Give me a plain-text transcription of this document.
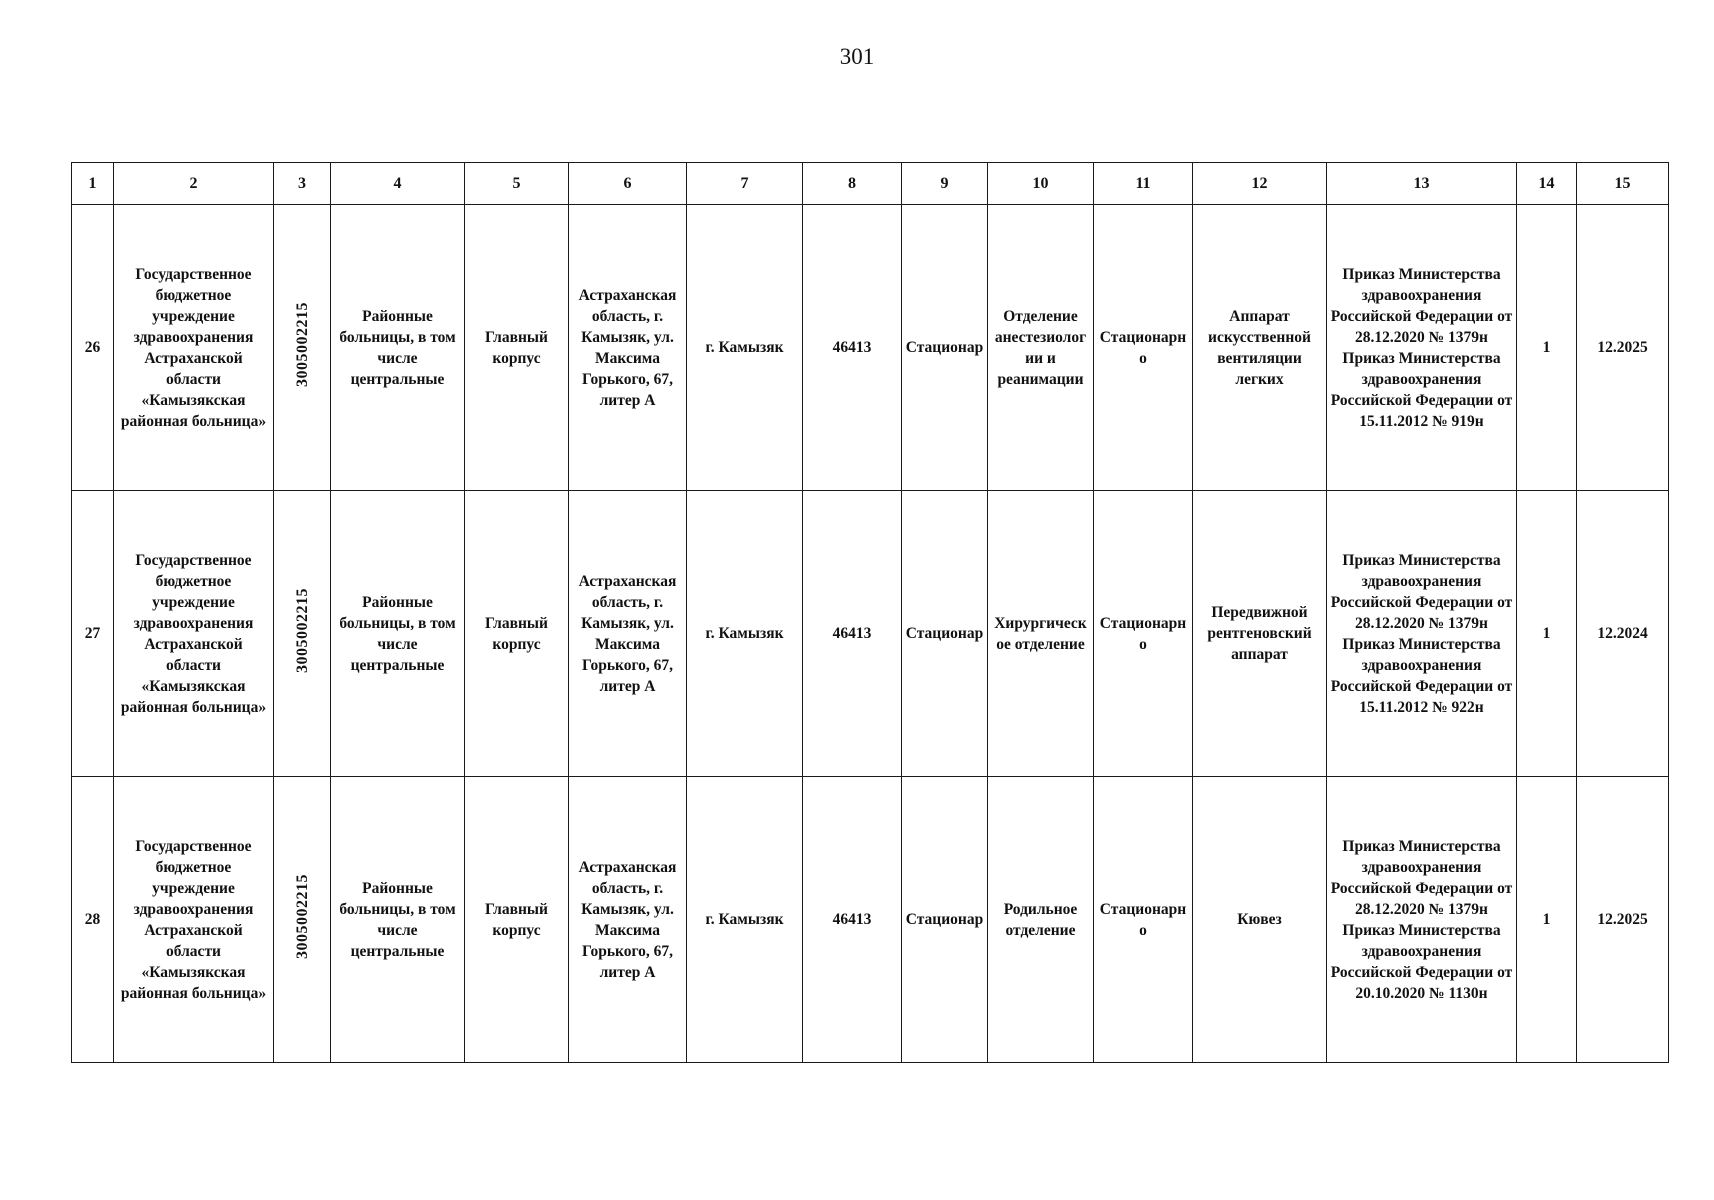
301
1	2	3	4	5	6	7	8	9	10	11	12	13	14	15
26	Государственное бюджетное учреждение здравоохранения Астраханской области «Камызякская районная больница»	3005002215	Районные больницы, в том числе центральные	Главный корпус	Астраханская область, г. Камызяк, ул. Максима Горького, 67, литер А	г. Камызяк	46413	Стационар	Отделение анестезиологии и реанимации	Стационарно	Аппарат искусственной вентиляции легких	Приказ Министерства здравоохранения Российской Федерации от 28.12.2020 № 1379н Приказ Министерства здравоохранения Российской Федерации от 15.11.2012 № 919н	1	12.2025
27	Государственное бюджетное учреждение здравоохранения Астраханской области «Камызякская районная больница»	3005002215	Районные больницы, в том числе центральные	Главный корпус	Астраханская область, г. Камызяк, ул. Максима Горького, 67, литер А	г. Камызяк	46413	Стационар	Хирургическое отделение	Стационарно	Передвижной рентгеновский аппарат	Приказ Министерства здравоохранения Российской Федерации от 28.12.2020 № 1379н Приказ Министерства здравоохранения Российской Федерации от 15.11.2012 № 922н	1	12.2024
28	Государственное бюджетное учреждение здравоохранения Астраханской области «Камызякская районная больница»	3005002215	Районные больницы, в том числе центральные	Главный корпус	Астраханская область, г. Камызяк, ул. Максима Горького, 67, литер А	г. Камызяк	46413	Стационар	Родильное отделение	Стационарно	Кювез	Приказ Министерства здравоохранения Российской Федерации от 28.12.2020 № 1379н Приказ Министерства здравоохранения Российской Федерации от 20.10.2020 № 1130н	1	12.2025
